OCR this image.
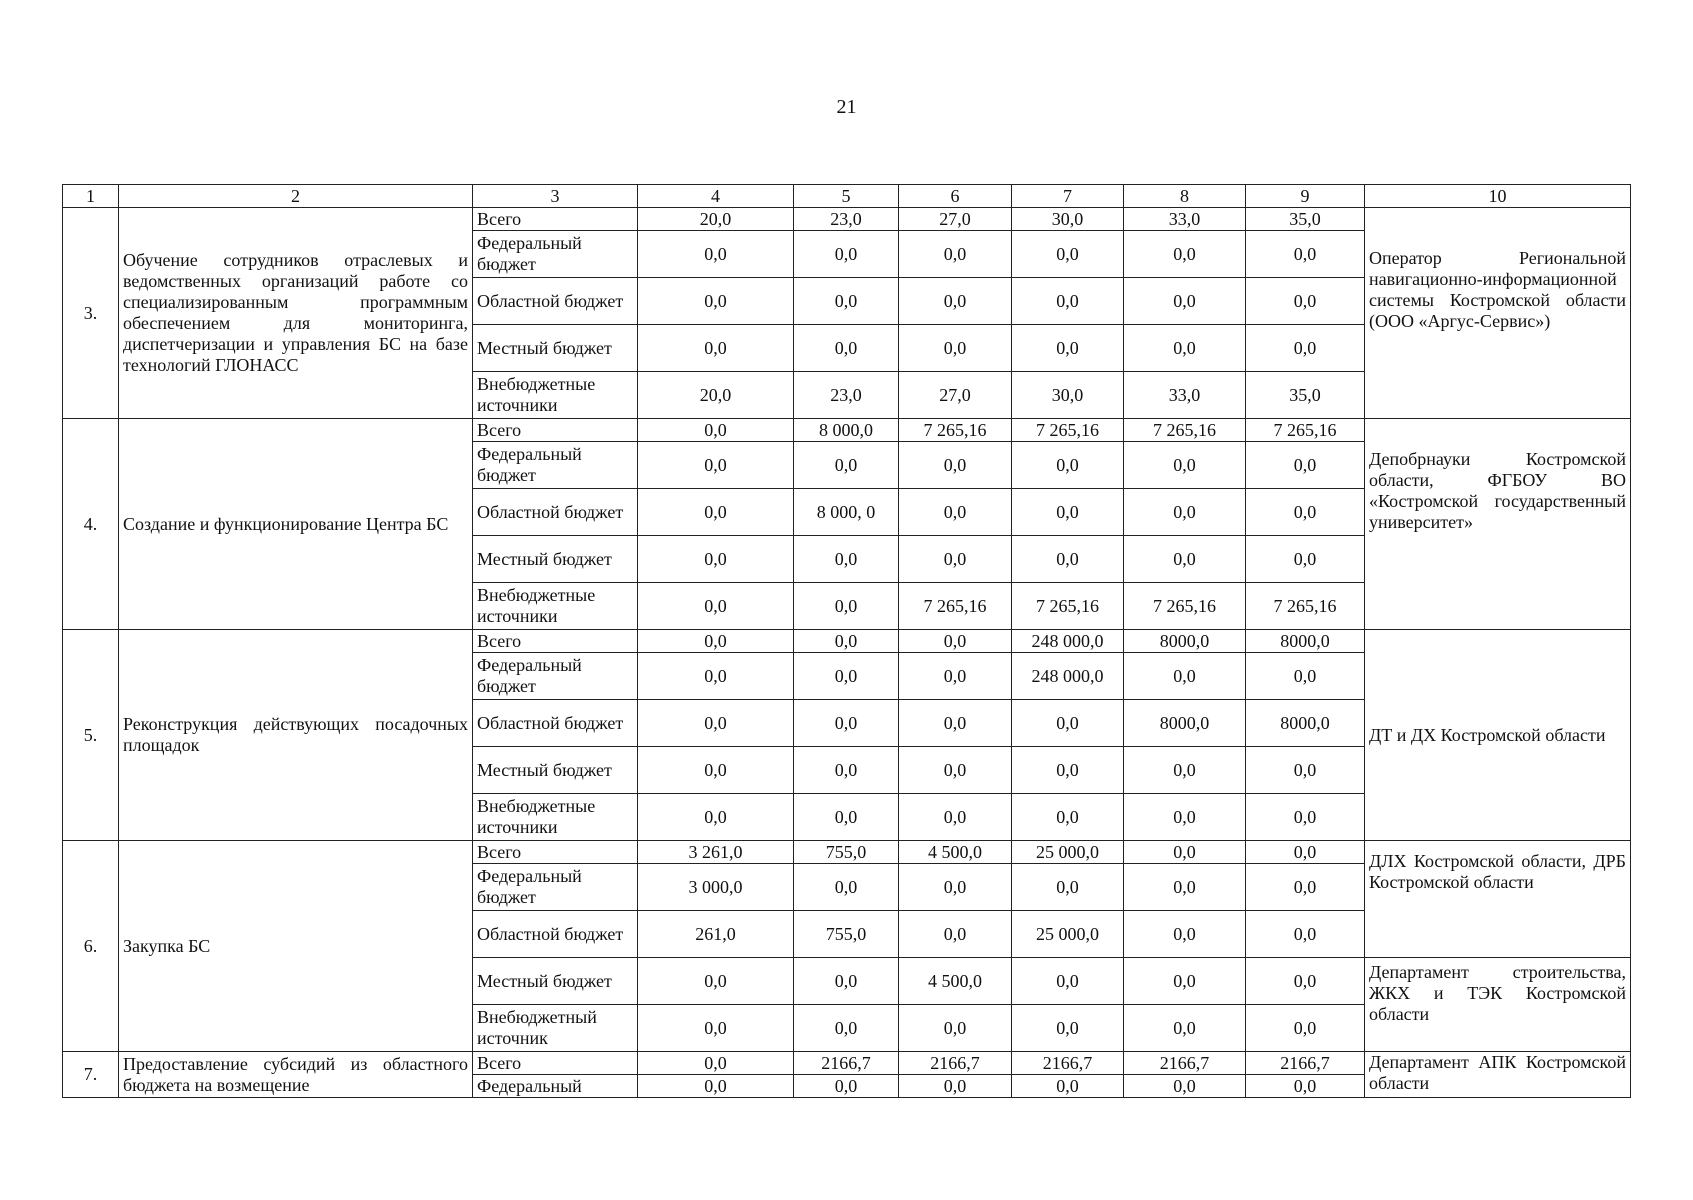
21
1	2	3	4	5	6	7	8	9	10
3.	Обучение сотрудников отраслевых и ведомственных организаций работе со специализированным программным обеспечением для мониторинга, диспетчеризации и управления БС на базе технологий ГЛОНАСС	Всего	20,0	23,0	27,0	30,0	33,0	35,0	Оператор Региональной навигационно-информационной системы Костромской области (ООО «Аргус-Сервис»)
		Федеральный бюджет	0,0	0,0	0,0	0,0	0,0	0,0	
		Областной бюджет	0,0	0,0	0,0	0,0	0,0	0,0	
		Местный бюджет	0,0	0,0	0,0	0,0	0,0	0,0	
		Внебюджетные источники	20,0	23,0	27,0	30,0	33,0	35,0	
4.	Создание и функционирование Центра БС	Всего	0,0	8 000,0	7 265,16	7 265,16	7 265,16	7 265,16	Депобрнауки Костромской области, ФГБОУ ВО «Костромской государственный университет»
		Федеральный бюджет	0,0	0,0	0,0	0,0	0,0	0,0	
		Областной бюджет	0,0	8 000, 0	0,0	0,0	0,0	0,0	
		Местный бюджет	0,0	0,0	0,0	0,0	0,0	0,0	
		Внебюджетные источники	0,0	0,0	7 265,16	7 265,16	7 265,16	7 265,16	
5.	Реконструкция действующих посадочных площадок	Всего	0,0	0,0	0,0	248 000,0	8000,0	8000,0	ДТ и ДХ Костромской области
		Федеральный бюджет	0,0	0,0	0,0	248 000,0	0,0	0,0	
		Областной бюджет	0,0	0,0	0,0	0,0	8000,0	8000,0	
		Местный бюджет	0,0	0,0	0,0	0,0	0,0	0,0	
		Внебюджетные источники	0,0	0,0	0,0	0,0	0,0	0,0	
6.	Закупка БС	Всего	3 261,0	755,0	4 500,0	25 000,0	0,0	0,0	ДЛХ Костромской области, ДРБ Костромской области
		Федеральный бюджет	3 000,0	0,0	0,0	0,0	0,0	0,0	
		Областной бюджет	261,0	755,0	0,0	25 000,0	0,0	0,0	
		Местный бюджет	0,0	0,0	4 500,0	0,0	0,0	0,0	Департамент строительства, ЖКХ и ТЭК Костромской области
		Внебюджетный источник	0,0	0,0	0,0	0,0	0,0	0,0	
7.	Предоставление субсидий из областного бюджета на возмещение	Всего	0,0	2166,7	2166,7	2166,7	2166,7	2166,7	Департамент АПК Костромской области
		Федеральный	0,0	0,0	0,0	0,0	0,0	0,0	
